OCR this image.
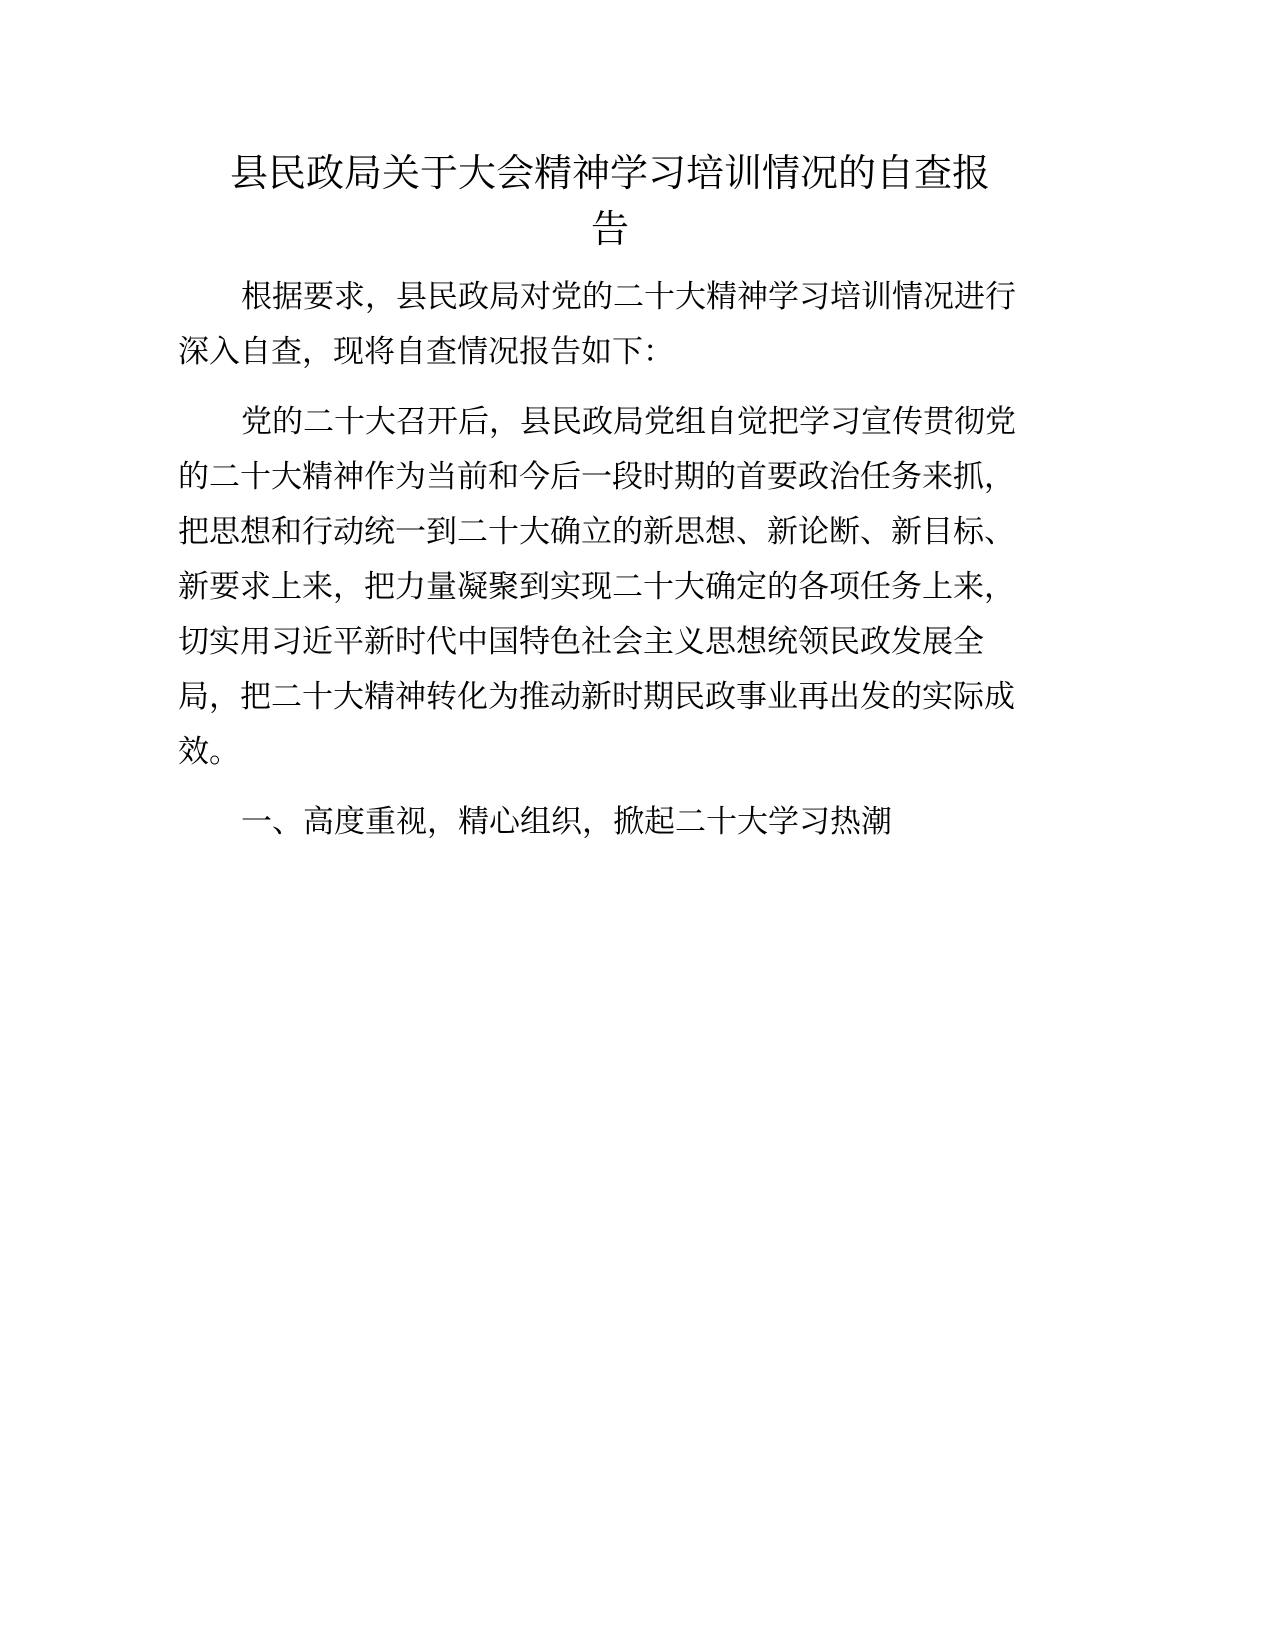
县民政局关于大会精神学习培训情况的自查报
告
根据要求，县民政局对党的二十大精神学习培训情况进行
深入自查，现将自查情况报告如下：
党的二十大召开后，县民政局党组自觉把学习宣传贯彻党
的二十大精神作为当前和今后一段时期的首要政治任务来抓，
把思想和行动统一到二十大确立的新思想、新论断、新目标、
新要求上来，把力量凝聚到实现二十大确定的各项任务上来，
切实用习近平新时代中国特色社会主义思想统领民政发展全
局，把二十大精神转化为推动新时期民政事业再出发的实际成
效。
一、高度重视，精心组织，掀起二十大学习热潮
